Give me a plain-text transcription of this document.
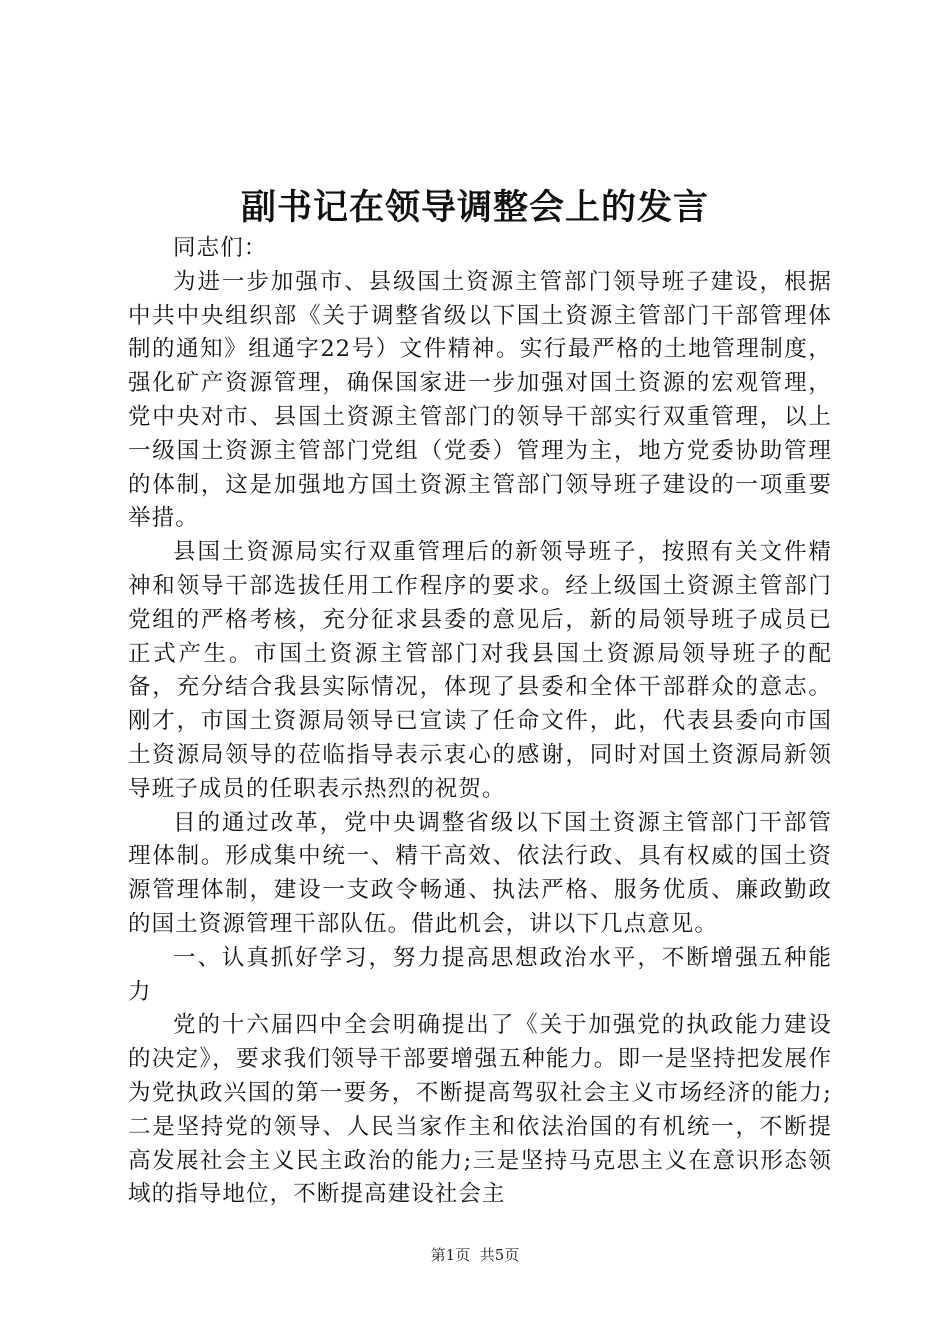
副书记在领导调整会上的发言

同志们：

为进一步加强市、县级国土资源主管部门领导班子建设，根据中共中央组织部《关于调整省级以下国土资源主管部门干部管理体制的通知》组通字22号）文件精神。实行最严格的土地管理制度，强化矿产资源管理，确保国家进一步加强对国土资源的宏观管理，党中央对市、县国土资源主管部门的领导干部实行双重管理，以上一级国土资源主管部门党组（党委）管理为主，地方党委协助管理的体制，这是加强地方国土资源主管部门领导班子建设的一项重要举措。

县国土资源局实行双重管理后的新领导班子，按照有关文件精神和领导干部选拔任用工作程序的要求。经上级国土资源主管部门党组的严格考核，充分征求县委的意见后，新的局领导班子成员已正式产生。市国土资源主管部门对我县国土资源局领导班子的配备，充分结合我县实际情况，体现了县委和全体干部群众的意志。刚才，市国土资源局领导已宣读了任命文件，此，代表县委向市国土资源局领导的莅临指导表示衷心的感谢，同时对国土资源局新领导班子成员的任职表示热烈的祝贺。

目的通过改革，党中央调整省级以下国土资源主管部门干部管理体制。形成集中统一、精干高效、依法行政、具有权威的国土资源管理体制，建设一支政令畅通、执法严格、服务优质、廉政勤政的国土资源管理干部队伍。借此机会，讲以下几点意见。

一、认真抓好学习，努力提高思想政治水平，不断增强五种能力

党的十六届四中全会明确提出了《关于加强党的执政能力建设的决定》，要求我们领导干部要增强五种能力。即一是坚持把发展作为党执政兴国的第一要务，不断提高驾驭社会主义市场经济的能力;二是坚持党的领导、人民当家作主和依法治国的有机统一，不断提高发展社会主义民主政治的能力;三是坚持马克思主义在意识形态领域的指导地位，不断提高建设社会主

第1页 共5页
